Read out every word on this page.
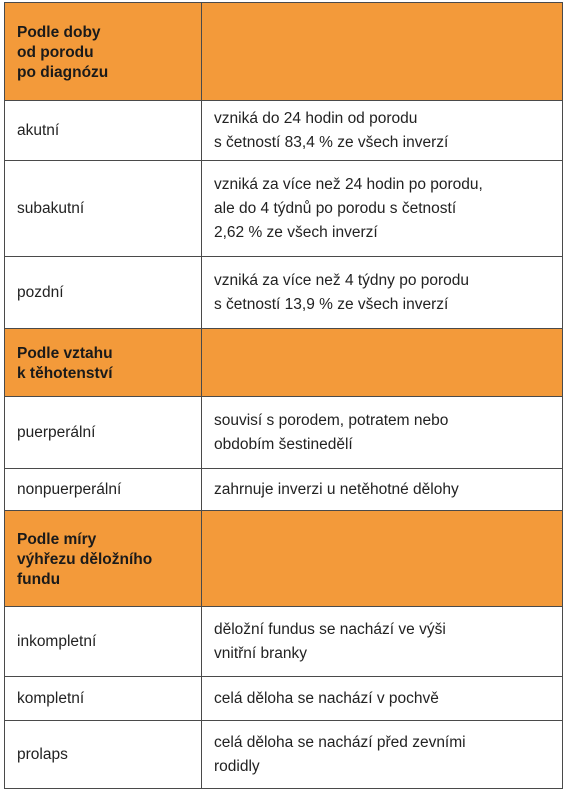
Podle doby
od porodu
po diagnózu	
akutní	vzniká do 24 hodin od porodu
s četností 83,4 % ze všech inverzí
subakutní	vzniká za více než 24 hodin po porodu,
ale do 4 týdnů po porodu s četností
2,62 % ze všech inverzí
pozdní	vzniká za více než 4 týdny po porodu
s četností 13,9 % ze všech inverzí
Podle vztahu
k těhotenství	
puerperální	souvisí s porodem, potratem nebo
obdobím šestinedělí
nonpuerperální	zahrnuje inverzi u netěhotné dělohy
Podle míry
výhřezu děložního
fundu	
inkompletní	děložní fundus se nachází ve výši
vnitřní branky
kompletní	celá děloha se nachází v pochvě
prolaps	celá děloha se nachází před zevními
rodidly
